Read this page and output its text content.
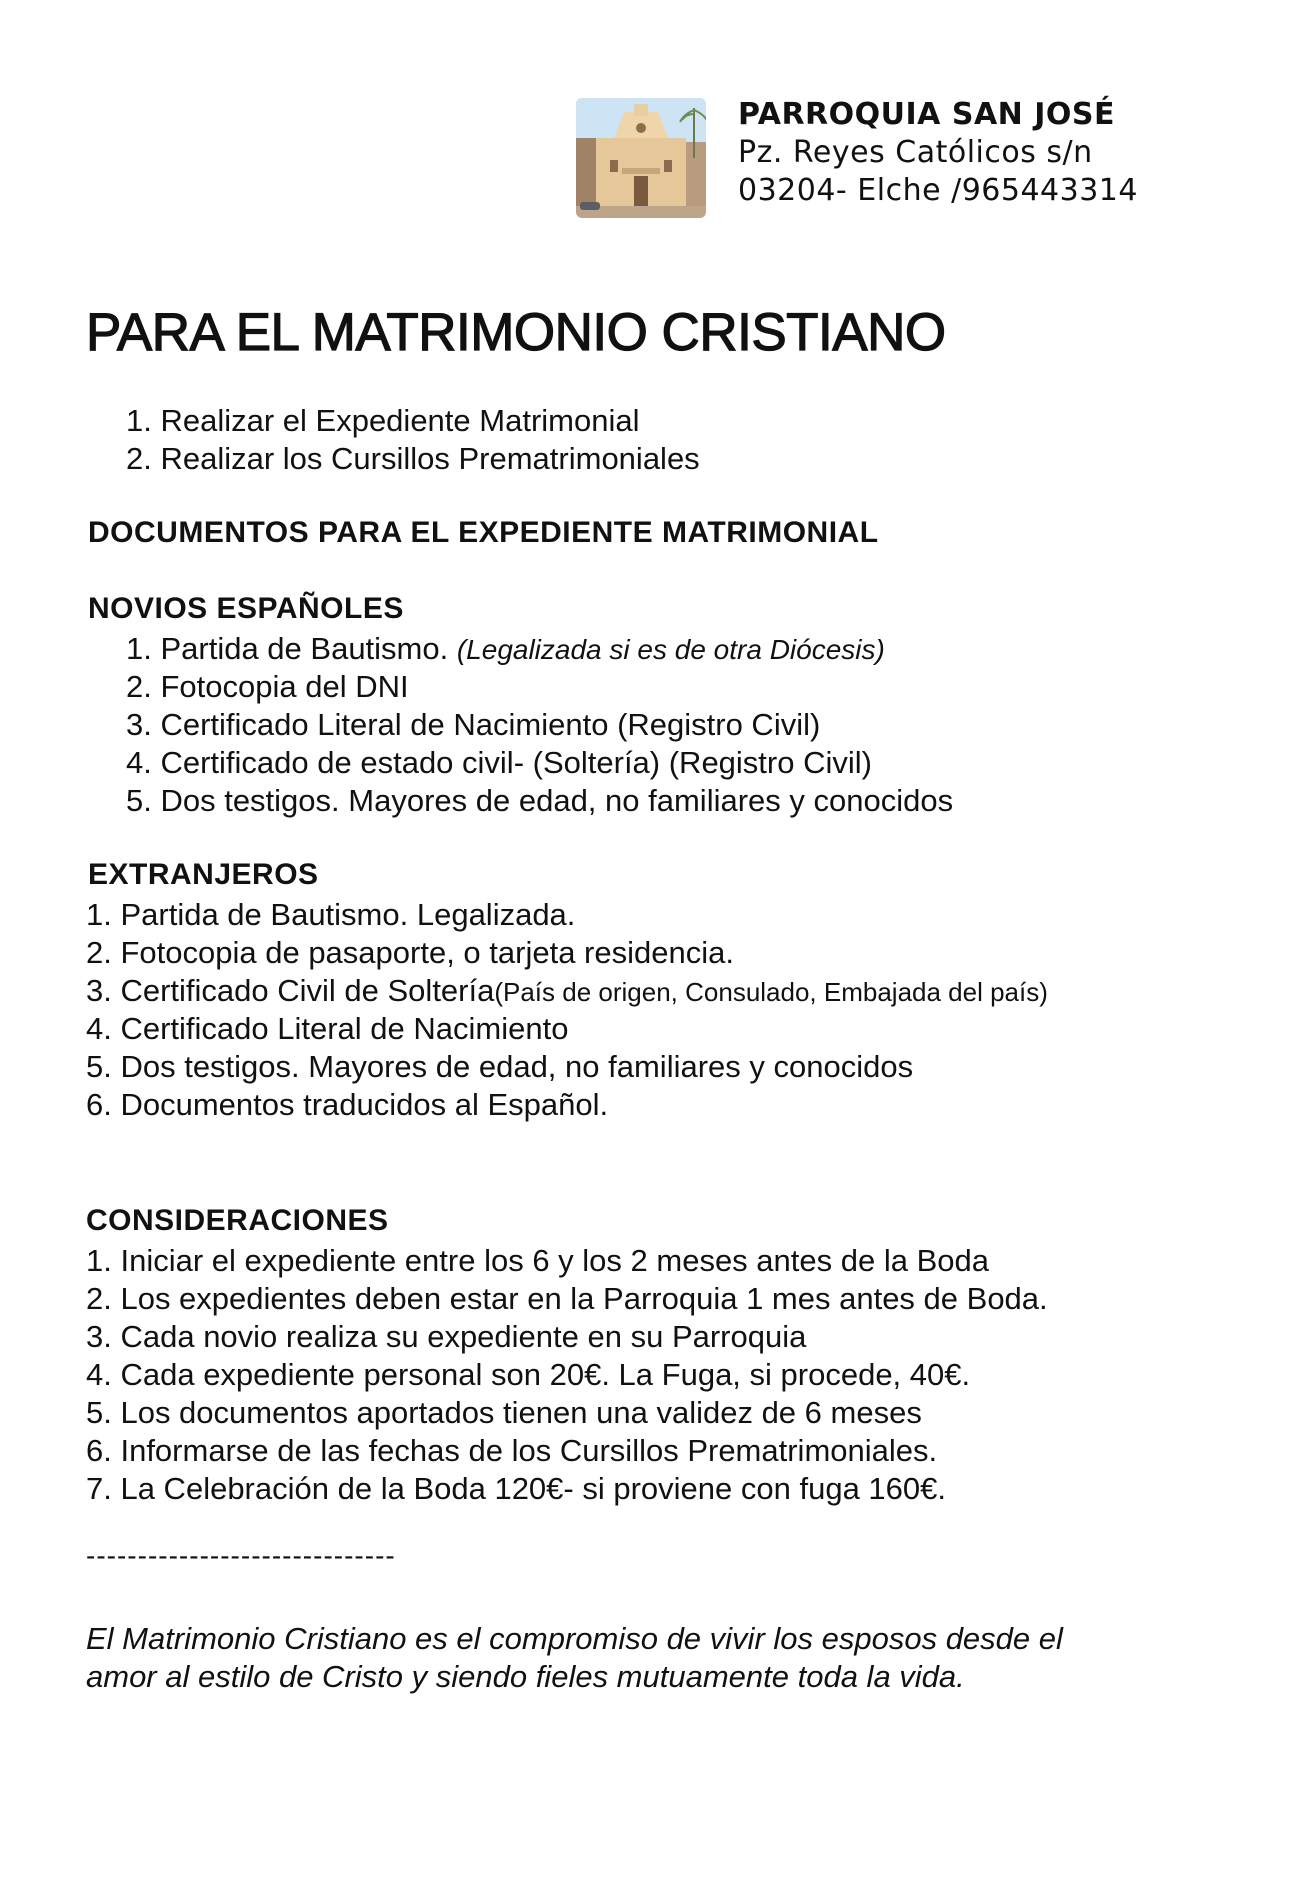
PARROQUIA SAN JOSÉ
Pz. Reyes Católicos s/n
03204- Elche /965443314
PARA EL MATRIMONIO CRISTIANO
1. Realizar el Expediente Matrimonial
2. Realizar los Cursillos Prematrimoniales
DOCUMENTOS PARA EL EXPEDIENTE MATRIMONIAL
NOVIOS ESPAÑOLES
1. Partida de Bautismo. (Legalizada si es de otra Diócesis)
2. Fotocopia del DNI
3. Certificado Literal de Nacimiento (Registro Civil)
4. Certificado de estado civil- (Soltería) (Registro Civil)
5. Dos testigos. Mayores de edad, no familiares y conocidos
EXTRANJEROS
1. Partida de Bautismo. Legalizada.
2. Fotocopia de pasaporte, o tarjeta residencia.
3. Certificado Civil de Soltería(País de origen, Consulado, Embajada del país)
4. Certificado Literal de Nacimiento
5. Dos testigos. Mayores de edad, no familiares y conocidos
6. Documentos traducidos al Español.
CONSIDERACIONES
1. Iniciar el expediente entre los 6 y los 2 meses antes de la Boda
2. Los expedientes deben estar en la Parroquia 1 mes antes de Boda.
3. Cada novio realiza su expediente en su Parroquia
4. Cada expediente personal son 20€. La Fuga, si procede, 40€.
5. Los documentos aportados tienen una validez de 6 meses
6. Informarse de las fechas de los Cursillos Prematrimoniales.
7. La Celebración de la Boda 120€- si proviene con fuga 160€.
------------------------------
El Matrimonio Cristiano es el compromiso de vivir los esposos desde el
amor al estilo de Cristo y siendo fieles mutuamente toda la vida.
